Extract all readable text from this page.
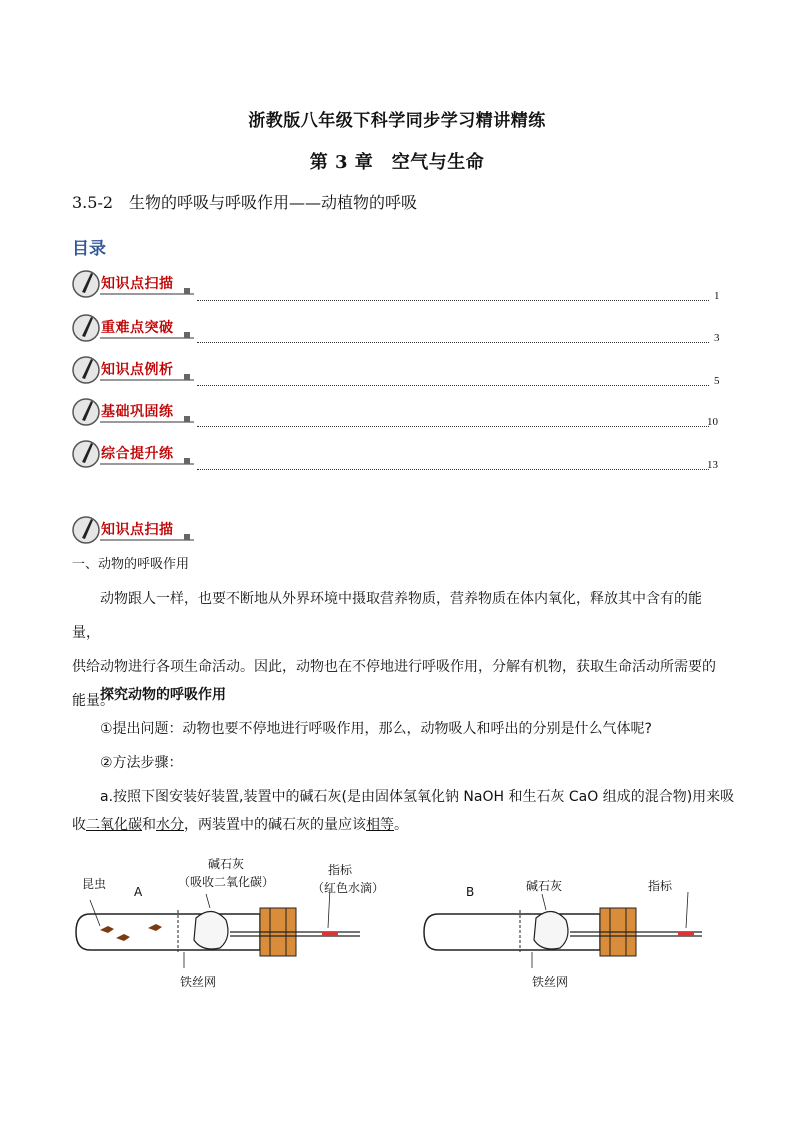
浙教版八年级下科学同步学习精讲精练
第 3 章　空气与生命
3.5-2　生物的呼吸与呼吸作用——动植物的呼吸
目录
知识点扫描
1
重难点突破
3
知识点例析
5
基础巩固练
10
综合提升练
13
知识点扫描
一、动物的呼吸作用
动物跟人一样，也要不断地从外界环境中摄取营养物质，营养物质在体内氧化，释放其中含有的能量，
供给动物进行各项生命活动。因此，动物也在不停地进行呼吸作用，分解有机物，获取生命活动所需要的
能量。
探究动物的呼吸作用
①提出问题：动物也要不停地进行呼吸作用，那么，动物吸人和呼出的分别是什么气体呢?
②方法步骤：
a.按照下图安装好装置,装置中的碱石灰(是由固体氢氧化钠 NaOH 和生石灰 CaO 组成的混合物)用来吸
收二氧化碳和水分，两装置中的碱石灰的量应该相等。
昆虫
A
碱石灰
（吸收二氧化碳）
指标
（红色水滴）
铁丝网
B	碱石灰	指标
铁丝网
